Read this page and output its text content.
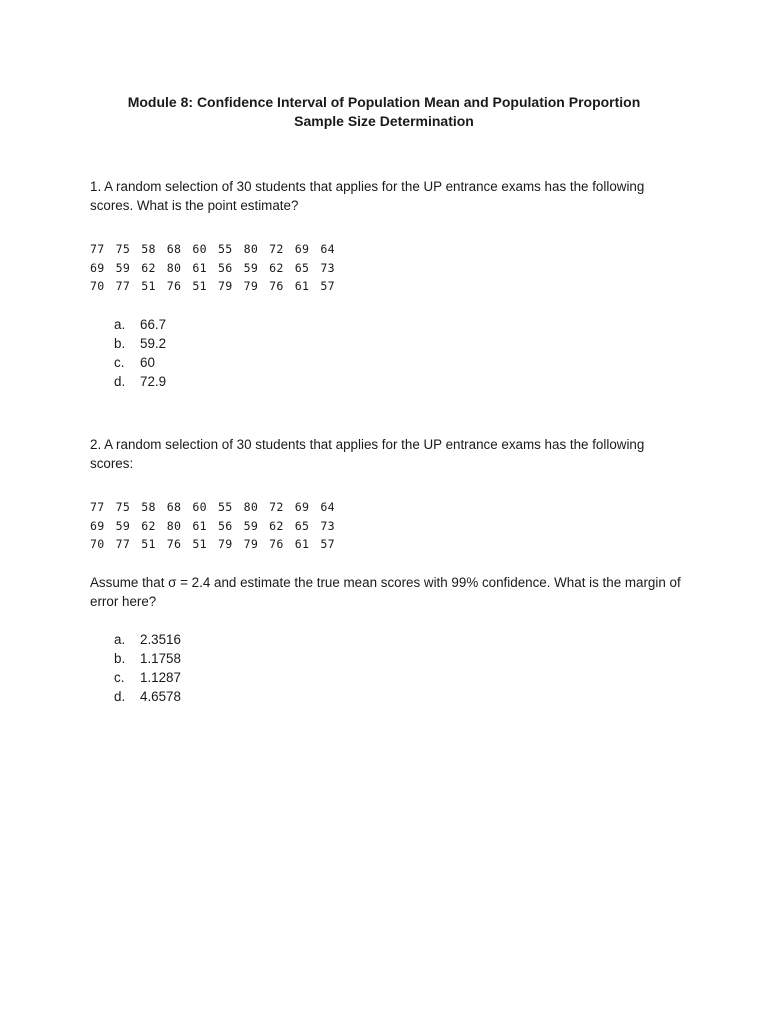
Module 8: Confidence Interval of Population Mean and Population Proportion
Sample Size Determination
1. A random selection of 30 students that applies for the UP entrance exams has the following scores. What is the point estimate?
77 75 58 68 60 55 80 72 69 64
69 59 62 80 61 56 59 62 65 73
70 77 51 76 51 79 79 76 61 57
a.	66.7
b.	59.2
c.	60
d.	72.9
2. A random selection of 30 students that applies for the UP entrance exams has the following scores:
77 75 58 68 60 55 80 72 69 64
69 59 62 80 61 56 59 62 65 73
70 77 51 76 51 79 79 76 61 57
Assume that σ = 2.4 and estimate the true mean scores with 99% confidence. What is the margin of error here?
a.	2.3516
b.	1.1758
c.	1.1287
d.	4.6578
